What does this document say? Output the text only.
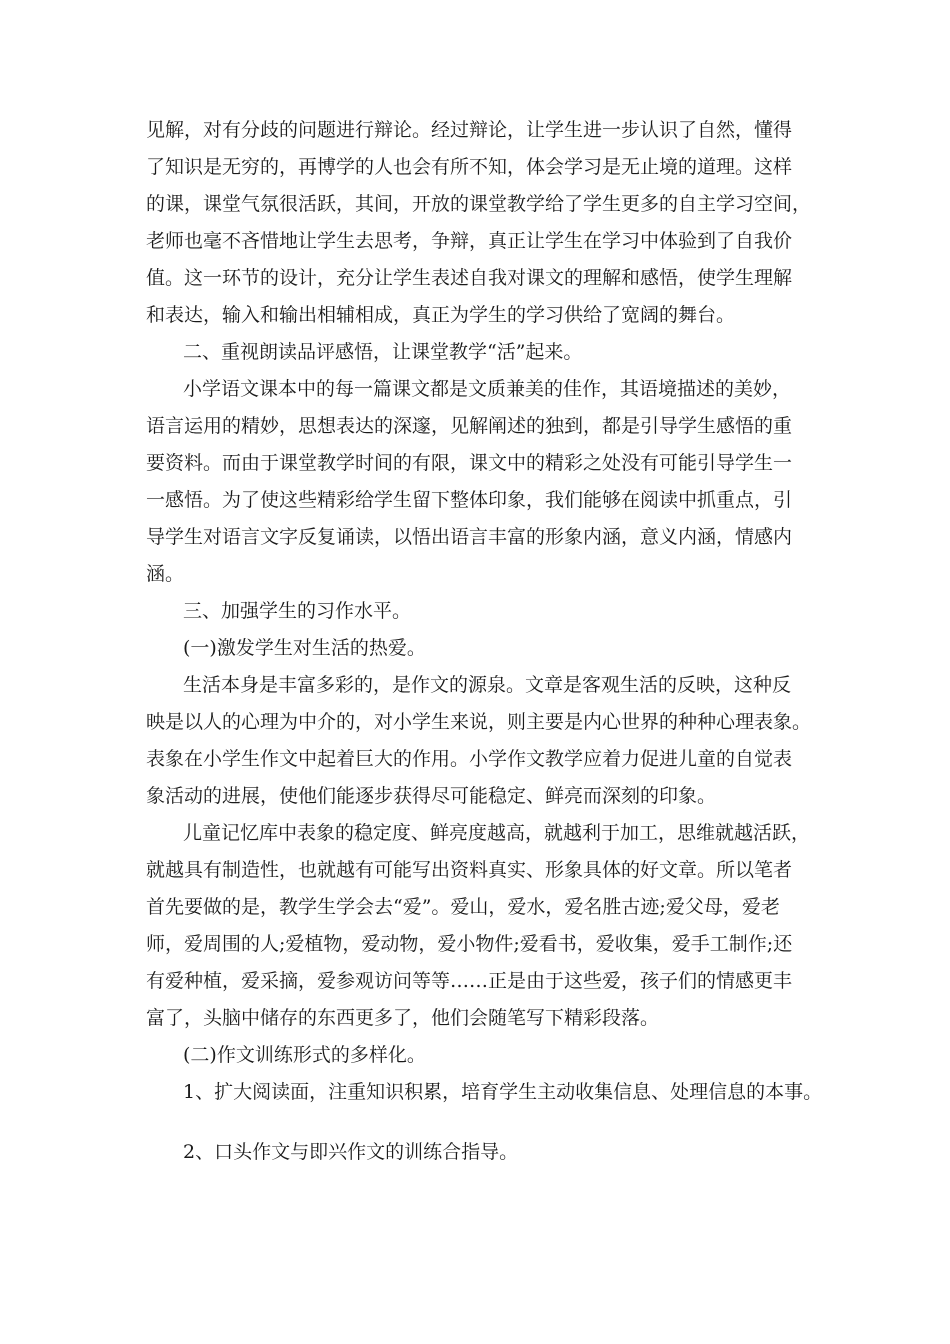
见解，对有分歧的问题进行辩论。经过辩论，让学生进一步认识了自然，懂得
了知识是无穷的，再博学的人也会有所不知，体会学习是无止境的道理。这样
的课，课堂气氛很活跃，其间，开放的课堂教学给了学生更多的自主学习空间，
老师也毫不吝惜地让学生去思考，争辩，真正让学生在学习中体验到了自我价
值。这一环节的设计，充分让学生表述自我对课文的理解和感悟，使学生理解
和表达，输入和输出相辅相成，真正为学生的学习供给了宽阔的舞台。
二、重视朗读品评感悟，让课堂教学“活”起来。
小学语文课本中的每一篇课文都是文质兼美的佳作，其语境描述的美妙，
语言运用的精妙，思想表达的深邃，见解阐述的独到，都是引导学生感悟的重
要资料。而由于课堂教学时间的有限，课文中的精彩之处没有可能引导学生一
一感悟。为了使这些精彩给学生留下整体印象，我们能够在阅读中抓重点，引
导学生对语言文字反复诵读，以悟出语言丰富的形象内涵，意义内涵，情感内
涵。
三、加强学生的习作水平。
(一)激发学生对生活的热爱。
生活本身是丰富多彩的，是作文的源泉。文章是客观生活的反映，这种反
映是以人的心理为中介的，对小学生来说，则主要是内心世界的种种心理表象。
表象在小学生作文中起着巨大的作用。小学作文教学应着力促进儿童的自觉表
象活动的进展，使他们能逐步获得尽可能稳定、鲜亮而深刻的印象。
儿童记忆库中表象的稳定度、鲜亮度越高，就越利于加工，思维就越活跃，
就越具有制造性，也就越有可能写出资料真实、形象具体的好文章。所以笔者
首先要做的是，教学生学会去“爱”。爱山，爱水，爱名胜古迹;爱父母，爱老
师，爱周围的人;爱植物，爱动物，爱小物件;爱看书，爱收集，爱手工制作;还
有爱种植，爱采摘，爱参观访问等等……正是由于这些爱，孩子们的情感更丰
富了，头脑中储存的东西更多了，他们会随笔写下精彩段落。
(二)作文训练形式的多样化。
1、扩大阅读面，注重知识积累，培育学生主动收集信息、处理信息的本事。
2、口头作文与即兴作文的训练合指导。
